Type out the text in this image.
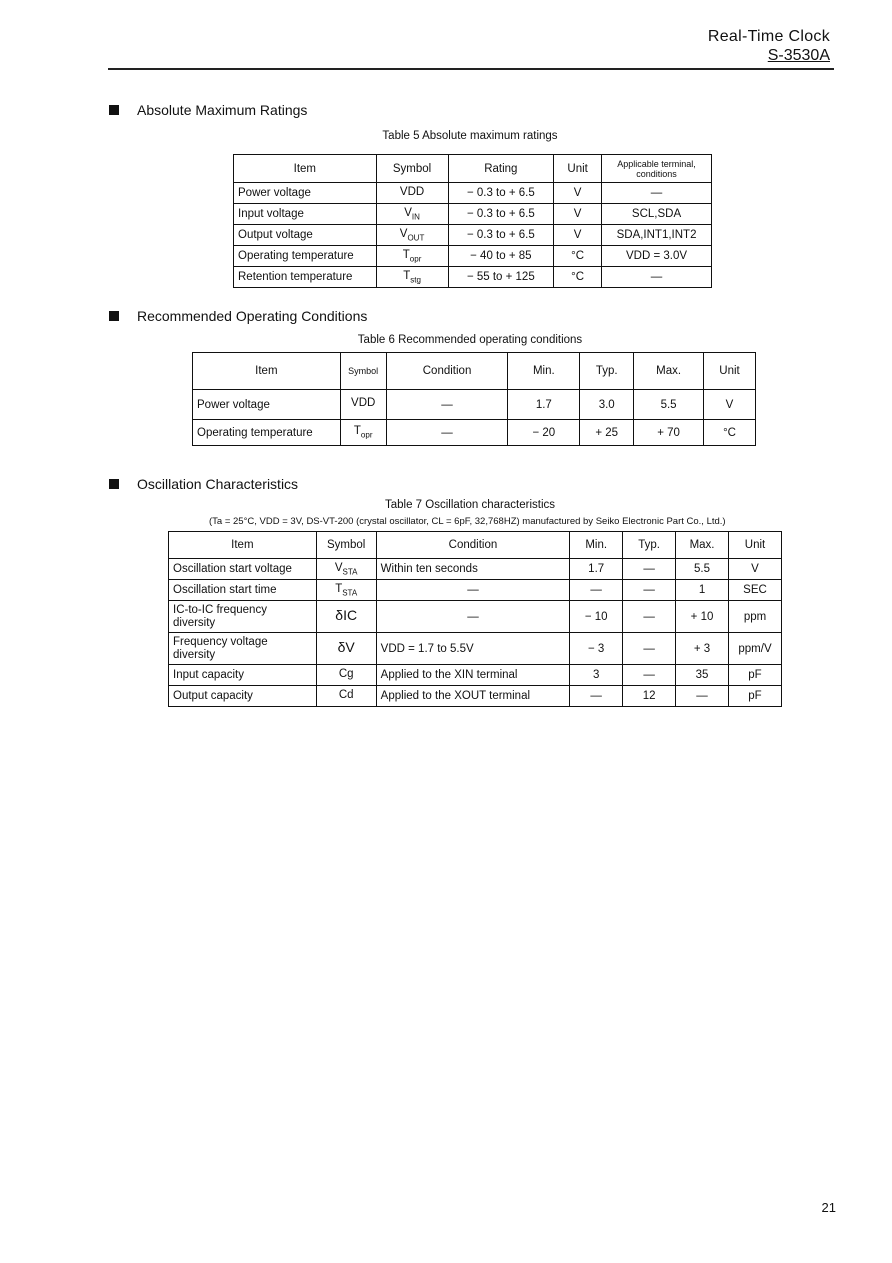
Real-Time Clock
S-3530A
Absolute Maximum Ratings
Table 5 Absolute maximum ratings
Item	Symbol	Rating	Unit	Applicable terminal, conditions
Power voltage	VDD	− 0.3 to + 6.5	V	—
Input voltage	$V_{IN}$	− 0.3 to + 6.5	V	SCL,SDA
Output voltage	$V_{OUT}$	− 0.3 to + 6.5	V	SDA,INT1,INT2
Operating temperature	$T_{opr}$	− 40 to + 85	°C	VDD = 3.0V
Retention temperature	$T_{stg}$	− 55 to + 125	°C	—
Recommended Operating Conditions
Table 6 Recommended operating conditions
Item	Symbol	Condition	Min.	Typ.	Max.	Unit
Power voltage	VDD	—	1.7	3.0	5.5	V
Operating temperature	$T_{opr}$	—	− 20	+ 25	+ 70	°C
Oscillation Characteristics
Table 7 Oscillation characteristics
(Ta = 25°C, VDD = 3V, DS-VT-200 (crystal oscillator, CL = 6pF, 32,768HZ) manufactured by Seiko Electronic Part Co., Ltd.)
Item	Symbol	Condition	Min.	Typ.	Max.	Unit
Oscillation start voltage	$V_{STA}$	Within ten seconds	1.7	—	5.5	V
Oscillation start time	$T_{STA}$	—	—	—	1	SEC
IC-to-IC frequency diversity	δIC	—	− 10	—	+ 10	ppm
Frequency voltage diversity	δV	VDD = 1.7 to 5.5V	− 3	—	+ 3	ppm/V
Input capacity	Cg	Applied to the XIN terminal	3	—	35	pF
Output capacity	Cd	Applied to the XOUT terminal	—	12	—	pF
21
